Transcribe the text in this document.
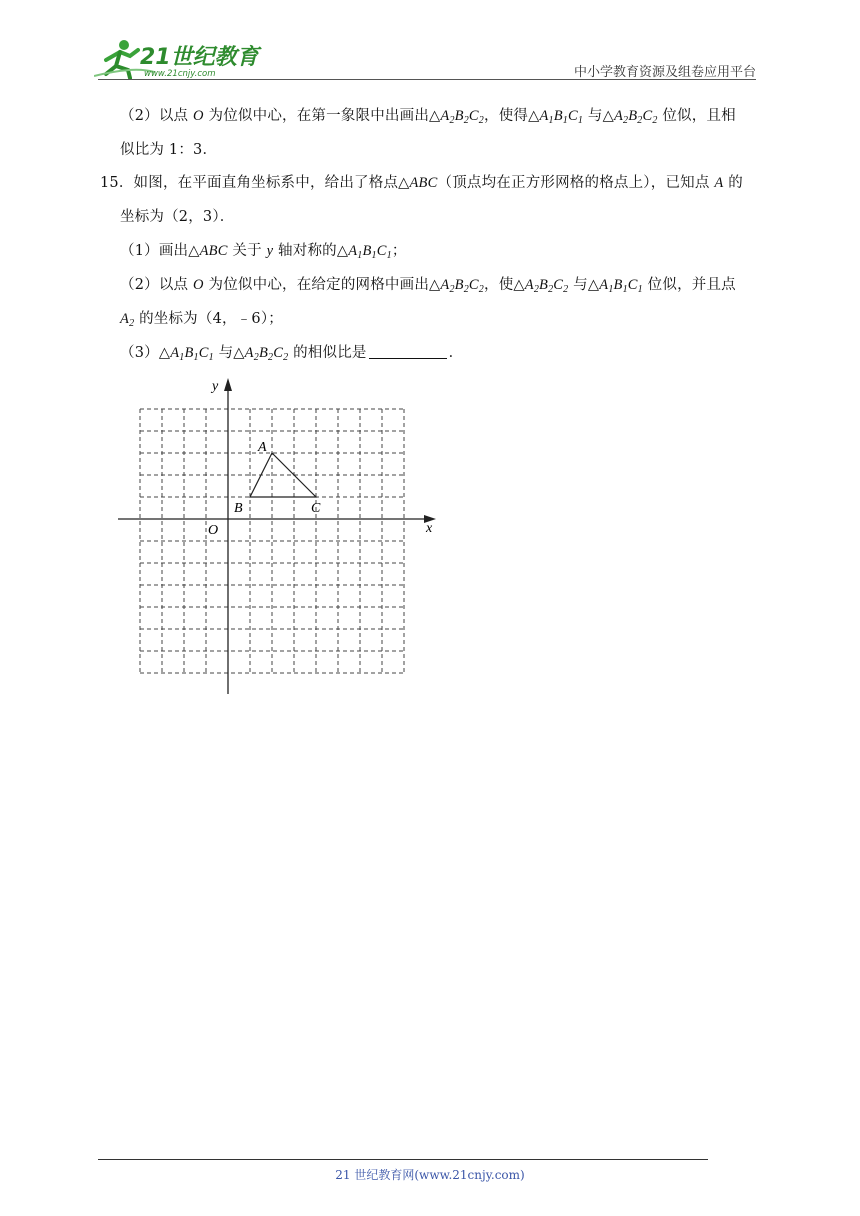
21世纪教育
www.21cnjy.com	中小学教育资源及组卷应用平台
（2）以点 O 为位似中心，在第一象限中出画出$\triangle A_2B_2C_2$，使得$\triangle A_1B_1C_1$ 与$\triangle A_2B_2C_2$ 位似，且相
似比为 1：3．
15．如图，在平面直角坐标系中，给出了格点△ABC（顶点均在正方形网格的格点上），已知点 A 的
坐标为（2，3）．
（1）画出△ABC 关于 y 轴对称的$\triangle A_1B_1C_1$；
（2）以点 O 为位似中心，在给定的网格中画出$\triangle A_2B_2C_2$，使$\triangle A_2B_2C_2$ 与$\triangle A_1B_1C_1$ 位似，并且点
$A_2$ 的坐标为（4，﹣6）；
$(3)\triangle A_1B_1C_1$ 与$\triangle A_2B_2C_2$ 的相似比是	．
y
x
O
A
B	C
21 世纪教育网(www.21cnjy.com)
